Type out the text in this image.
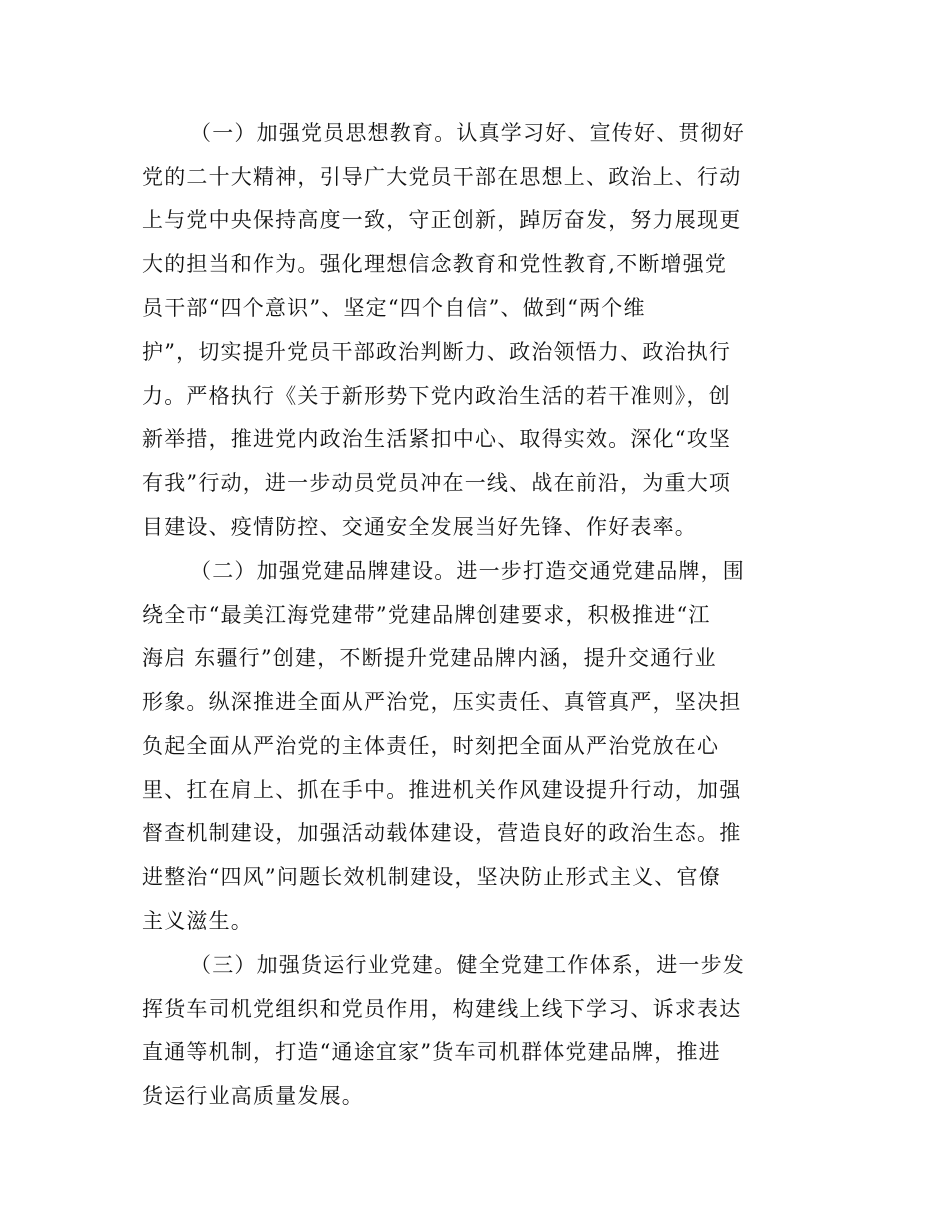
（一）加强党员思想教育。认真学习好、宣传好、贯彻好
党的二十大精神，引导广大党员干部在思想上、政治上、行动
上与党中央保持高度一致，守正创新，踔厉奋发，努力展现更
大的担当和作为。强化理想信念教育和党性教育,不断增强党
员干部“四个意识”、坚定“四个自信”、做到“两个维
护”，切实提升党员干部政治判断力、政治领悟力、政治执行
力。严格执行《关于新形势下党内政治生活的若干准则》，创
新举措，推进党内政治生活紧扣中心、取得实效。深化“攻坚
有我”行动，进一步动员党员冲在一线、战在前沿，为重大项
目建设、疫情防控、交通安全发展当好先锋、作好表率。
（二）加强党建品牌建设。进一步打造交通党建品牌，围
绕全市“最美江海党建带”党建品牌创建要求，积极推进“江
海启 东疆行”创建，不断提升党建品牌内涵，提升交通行业
形象。纵深推进全面从严治党，压实责任、真管真严，坚决担
负起全面从严治党的主体责任，时刻把全面从严治党放在心
里、扛在肩上、抓在手中。推进机关作风建设提升行动，加强
督查机制建设，加强活动载体建设，营造良好的政治生态。推
进整治“四风”问题长效机制建设，坚决防止形式主义、官僚
主义滋生。
（三）加强货运行业党建。健全党建工作体系，进一步发
挥货车司机党组织和党员作用，构建线上线下学习、诉求表达
直通等机制，打造“通途宜家”货车司机群体党建品牌，推进
货运行业高质量发展。
